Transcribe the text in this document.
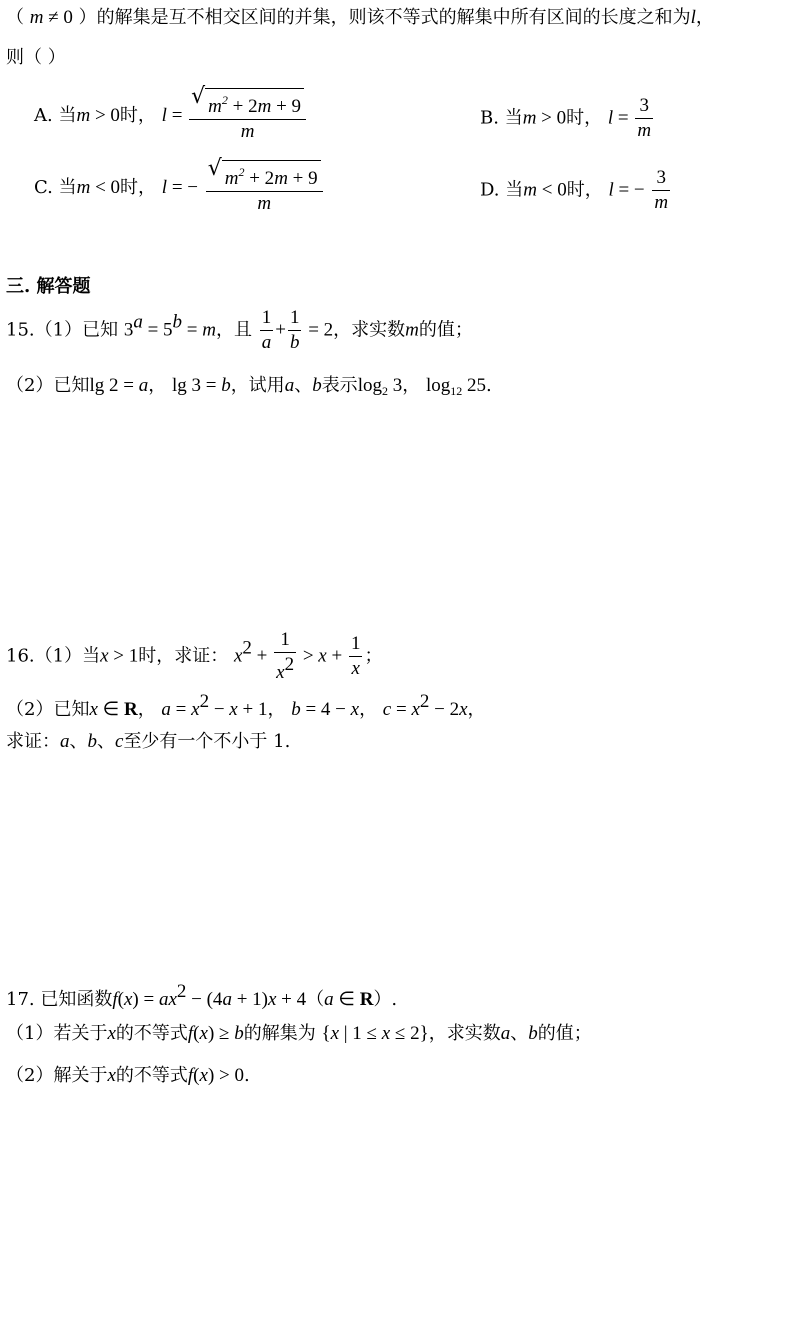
（ m ≠ 0 ）的解集是互不相交区间的并集，则该不等式的解集中所有区间的长度之和为l，
则（ ）
A. 当m > 0时， $l = \frac{√ m^2 + 2m + 9}{m}$	B. 当m > 0时， $l = \frac{3}{m}$
C. 当m < 0时， l = − $\frac{√ m^2 + 2m + 9}{m}$	D. 当m < 0时， l = − $\frac{3}{m}$
三. 解答题
15.（1）已知 $3^a = 5^b = m$，且 $\frac{1}{a} + \frac{1}{b} = 2$，求实数m的值；
（2）已知lg 2 = a， lg 3 = b，试用a、b表示$\log_2 3$， $\log_{12} 25$.
16.（1）当x > 1时，求证： $x^2 + \frac{1}{x^2} > x + \frac{1}{x}$ ；
（2）已知x ∈ R， $a = x^2 - x + 1$， b = 4 − x， $c = x^2 - 2x$，
求证：a、b、c至少有一个不小于 1.
17. 已知函数$f(x) = ax^2 - (4a + 1)x + 4(a$ ∈ R）.
（1）若关于x的不等式f(x) ≥ b的解集为 {x | 1 ≤ x ≤ 2}，求实数a、b的值；
（2）解关于x的不等式f(x) > 0.
